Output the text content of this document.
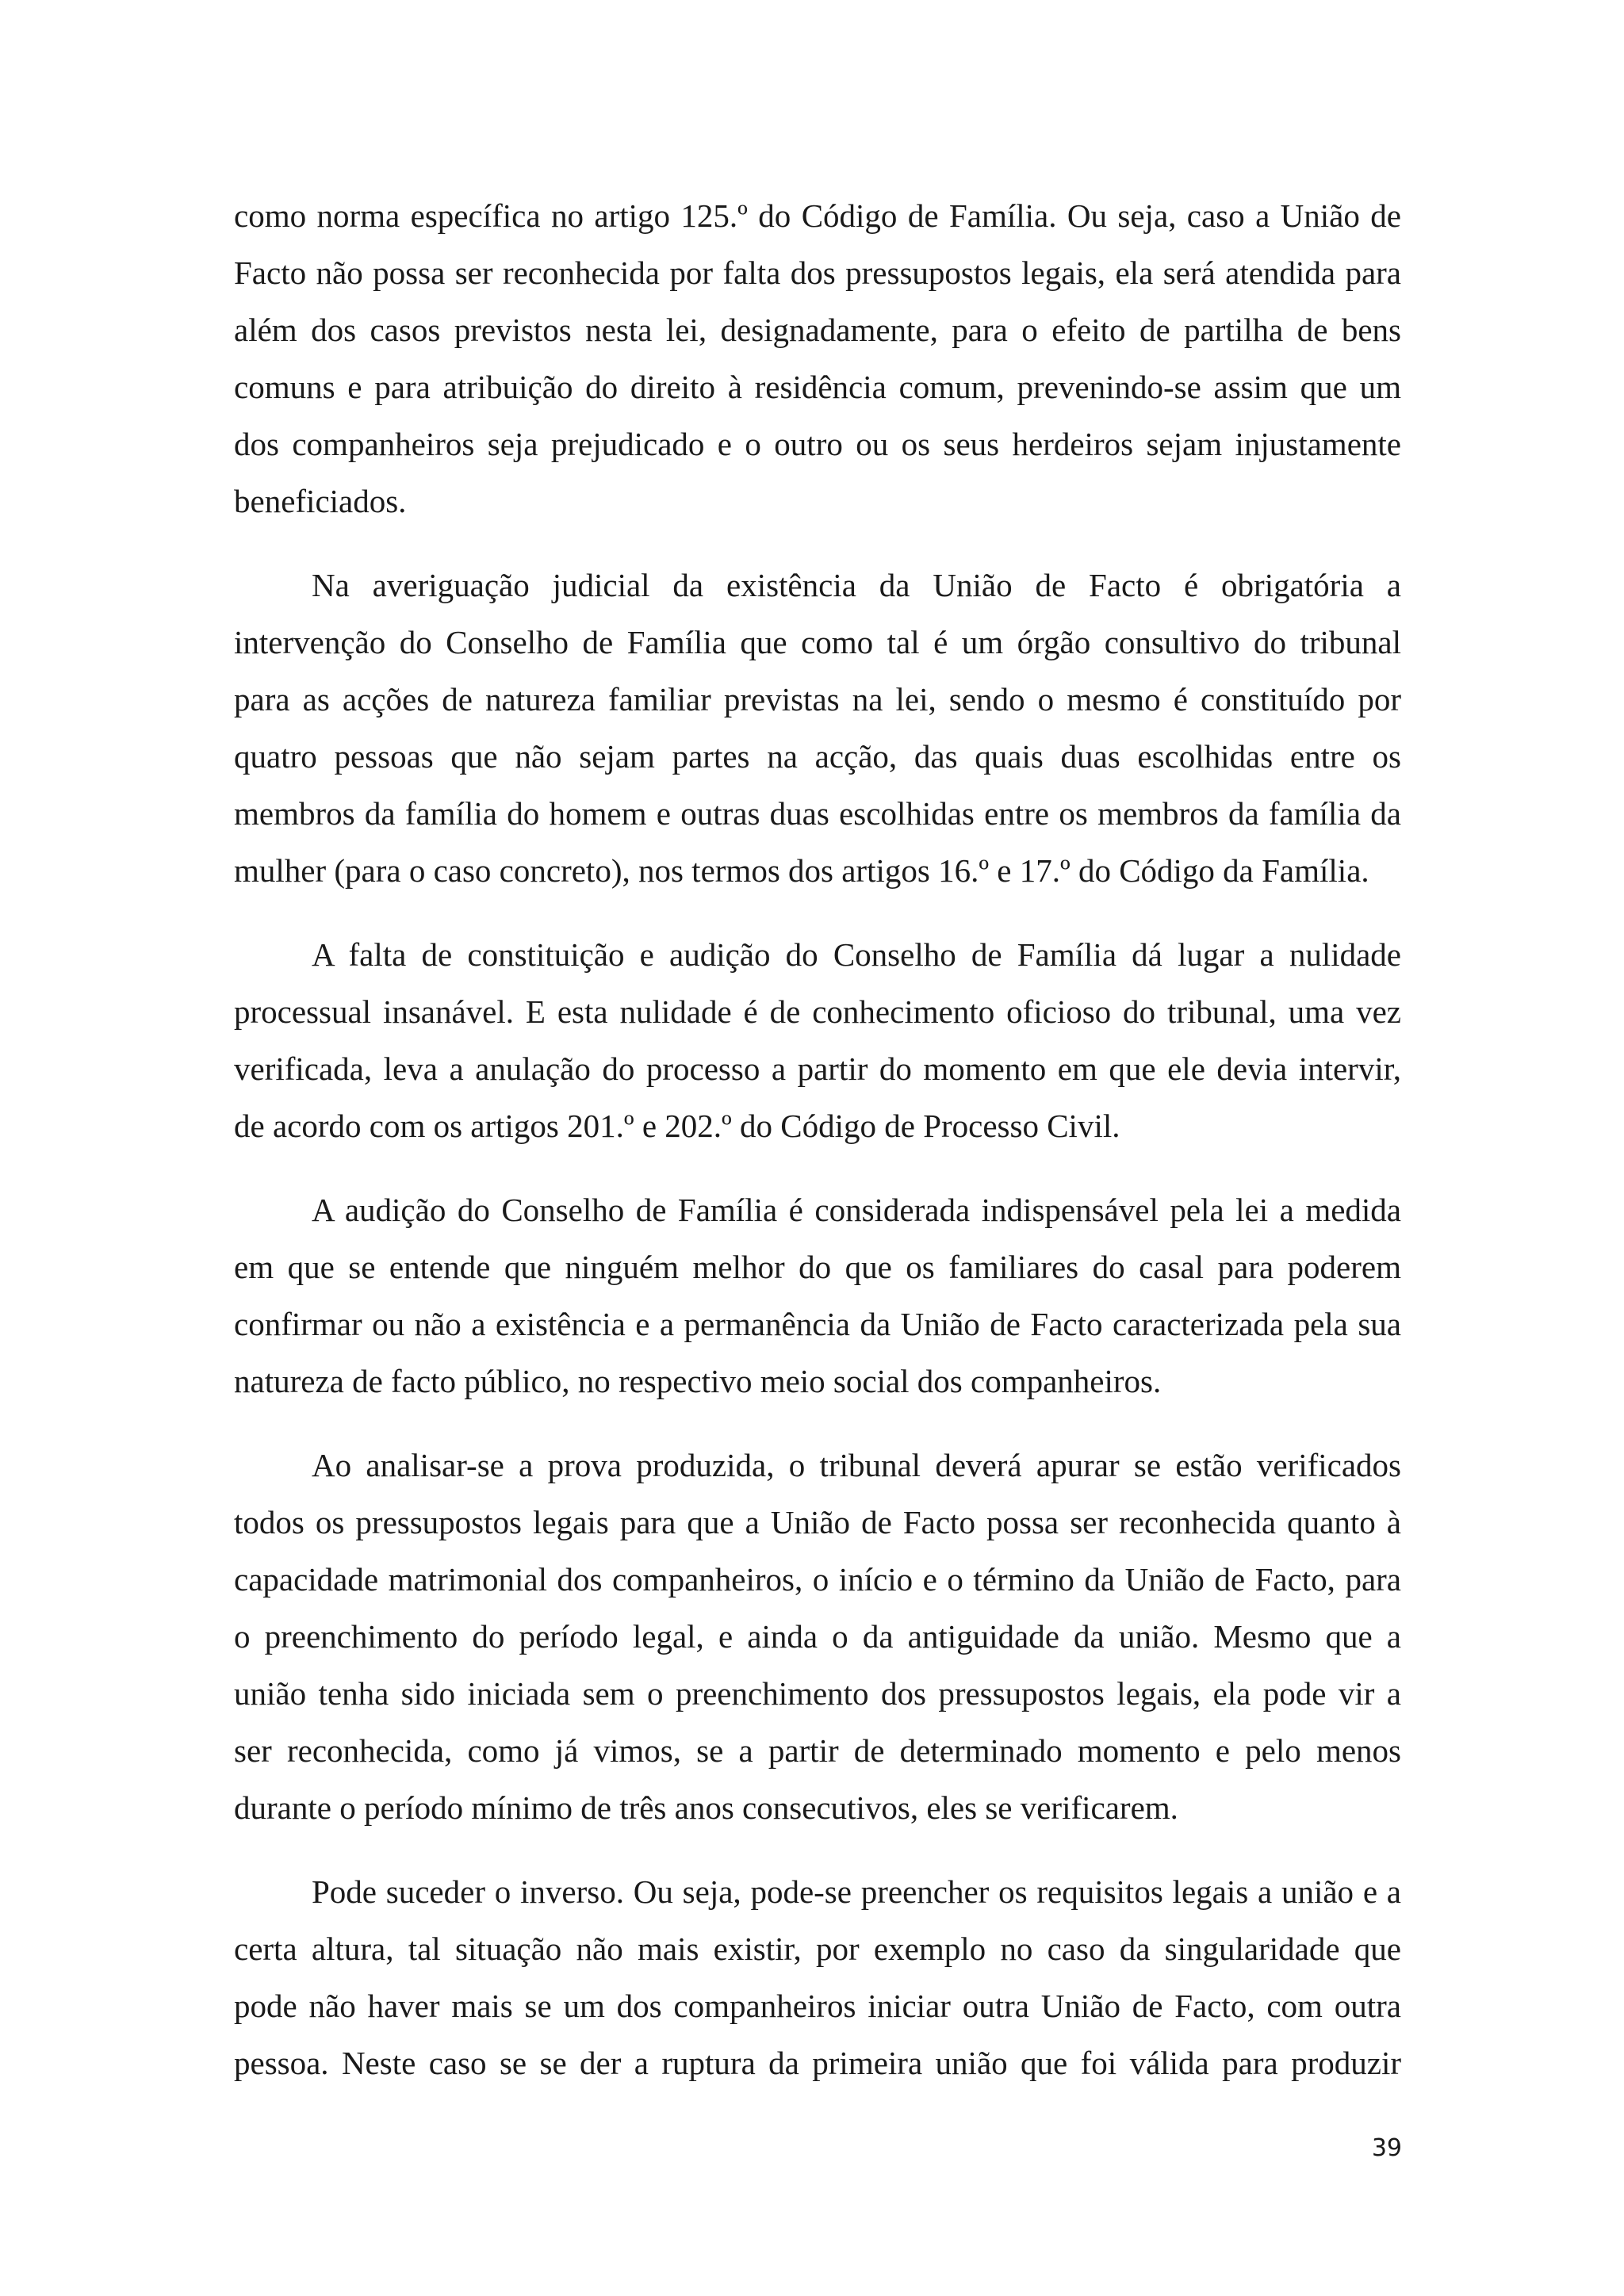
como norma específica no artigo 125.º do Código de Família. Ou seja, caso a União de
Facto não possa ser reconhecida por falta dos pressupostos legais, ela será atendida para
além dos casos previstos nesta lei, designadamente, para o efeito de partilha de bens
comuns e para atribuição do direito à residência comum, prevenindo-se assim que um
dos companheiros seja prejudicado e o outro ou os seus herdeiros sejam injustamente
beneficiados.

Na averiguação judicial da existência da União de Facto é obrigatória a
intervenção do Conselho de Família que como tal é um órgão consultivo do tribunal
para as acções de natureza familiar previstas na lei, sendo o mesmo é constituído por
quatro pessoas que não sejam partes na acção, das quais duas escolhidas entre os
membros da família do homem e outras duas escolhidas entre os membros da família da
mulher (para o caso concreto), nos termos dos artigos 16.º e 17.º do Código da Família.

A falta de constituição e audição do Conselho de Família dá lugar a nulidade
processual insanável. E esta nulidade é de conhecimento oficioso do tribunal, uma vez
verificada, leva a anulação do processo a partir do momento em que ele devia intervir,
de acordo com os artigos 201.º e 202.º do Código de Processo Civil.

A audição do Conselho de Família é considerada indispensável pela lei a medida
em que se entende que ninguém melhor do que os familiares do casal para poderem
confirmar ou não a existência e a permanência da União de Facto caracterizada pela sua
natureza de facto público, no respectivo meio social dos companheiros.

Ao analisar-se a prova produzida, o tribunal deverá apurar se estão verificados
todos os pressupostos legais para que a União de Facto possa ser reconhecida quanto à
capacidade matrimonial dos companheiros, o início e o término da União de Facto, para
o preenchimento do período legal, e ainda o da antiguidade da união. Mesmo que a
união tenha sido iniciada sem o preenchimento dos pressupostos legais, ela pode vir a
ser reconhecida, como já vimos, se a partir de determinado momento e pelo menos
durante o período mínimo de três anos consecutivos, eles se verificarem.

Pode suceder o inverso. Ou seja, pode-se preencher os requisitos legais a união e a
certa altura, tal situação não mais existir, por exemplo no caso da singularidade que
pode não haver mais se um dos companheiros iniciar outra União de Facto, com outra
pessoa. Neste caso se se der a ruptura da primeira união que foi válida para produzir

39
